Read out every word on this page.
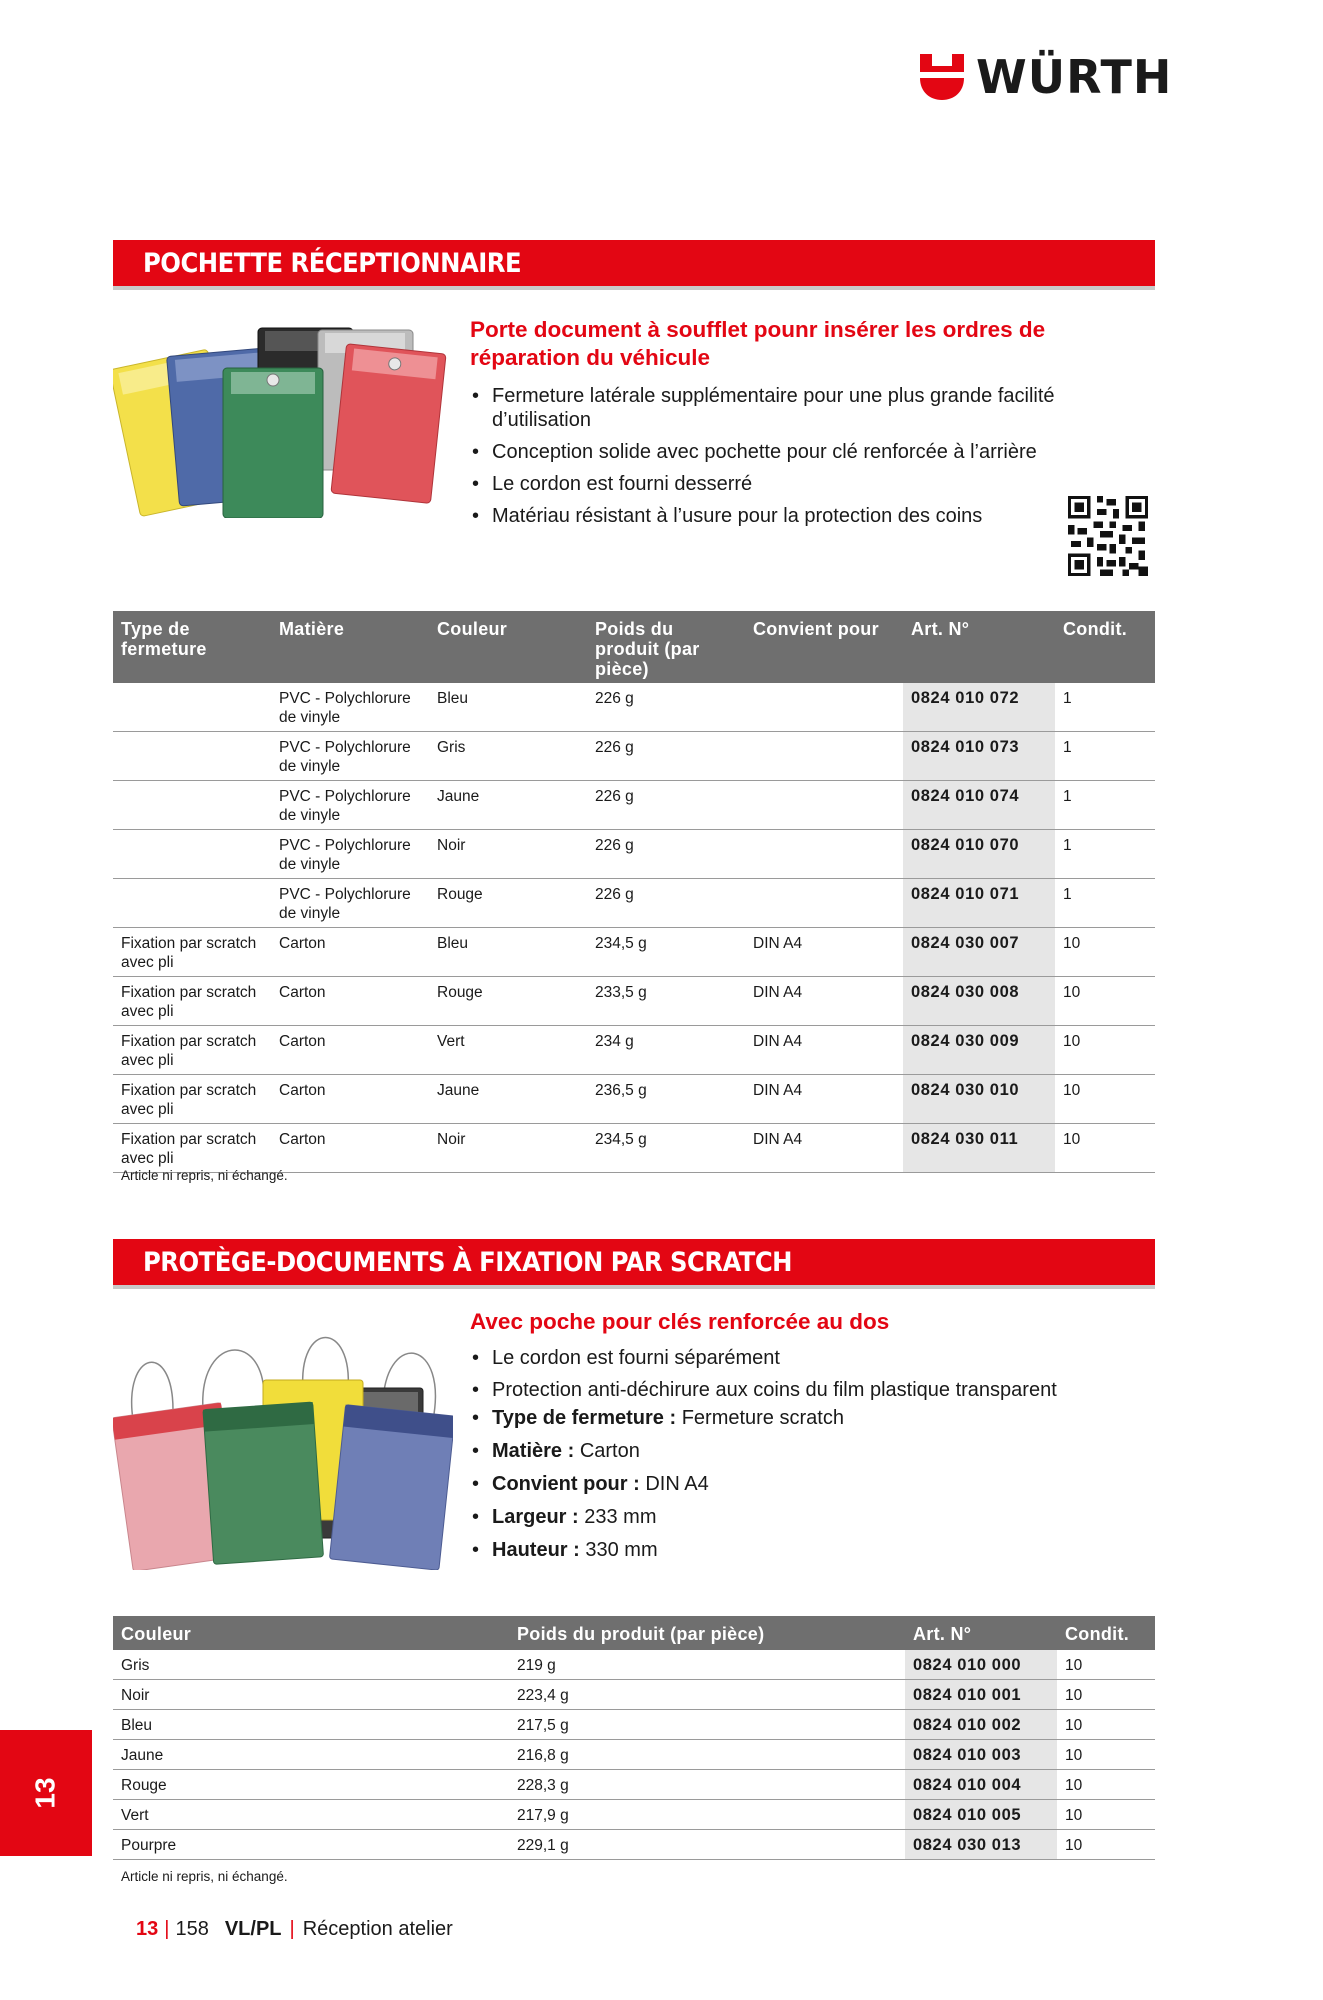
WÜRTH
POCHETTE RÉCEPTIONNAIRE
Porte document à soufflet pounr insérer les ordres de réparation du véhicule
• Fermeture latérale supplémentaire pour une plus grande facilité d’utilisation
• Conception solide avec pochette pour clé renforcée à l’arrière
• Le cordon est fourni desserré
• Matériau résistant à l’usure pour la protection des coins
Type de fermeture	Matière	Couleur	Poids du produit (par pièce)	Convient pour	Art. N°	Condit.
	PVC - Polychlorure de vinyle	Bleu	226 g		0824 010 072	1
	PVC - Polychlorure de vinyle	Gris	226 g		0824 010 073	1
	PVC - Polychlorure de vinyle	Jaune	226 g		0824 010 074	1
	PVC - Polychlorure de vinyle	Noir	226 g		0824 010 070	1
	PVC - Polychlorure de vinyle	Rouge	226 g		0824 010 071	1
Fixation par scratch avec pli	Carton	Bleu	234,5 g	DIN A4	0824 030 007	10
Fixation par scratch avec pli	Carton	Rouge	233,5 g	DIN A4	0824 030 008	10
Fixation par scratch avec pli	Carton	Vert	234 g	DIN A4	0824 030 009	10
Fixation par scratch avec pli	Carton	Jaune	236,5 g	DIN A4	0824 030 010	10
Fixation par scratch avec pli	Carton	Noir	234,5 g	DIN A4	0824 030 011	10
Article ni repris, ni échangé.
PROTÈGE-DOCUMENTS À FIXATION PAR SCRATCH
Avec poche pour clés renforcée au dos
• Le cordon est fourni séparément
• Protection anti-déchirure aux coins du film plastique transparent
• Type de fermeture : Fermeture scratch
• Matière : Carton
• Convient pour : DIN A4
• Largeur : 233 mm
• Hauteur : 330 mm
Couleur	Poids du produit (par pièce)	Art. N°	Condit.
Gris	219 g	0824 010 000	10
Noir	223,4 g	0824 010 001	10
Bleu	217,5 g	0824 010 002	10
Jaune	216,8 g	0824 010 003	10
Rouge	228,3 g	0824 010 004	10
Vert	217,9 g	0824 010 005	10
Pourpre	229,1 g	0824 030 013	10
Article ni repris, ni échangé.
13
13 | 158 VL/PL | Réception atelier
